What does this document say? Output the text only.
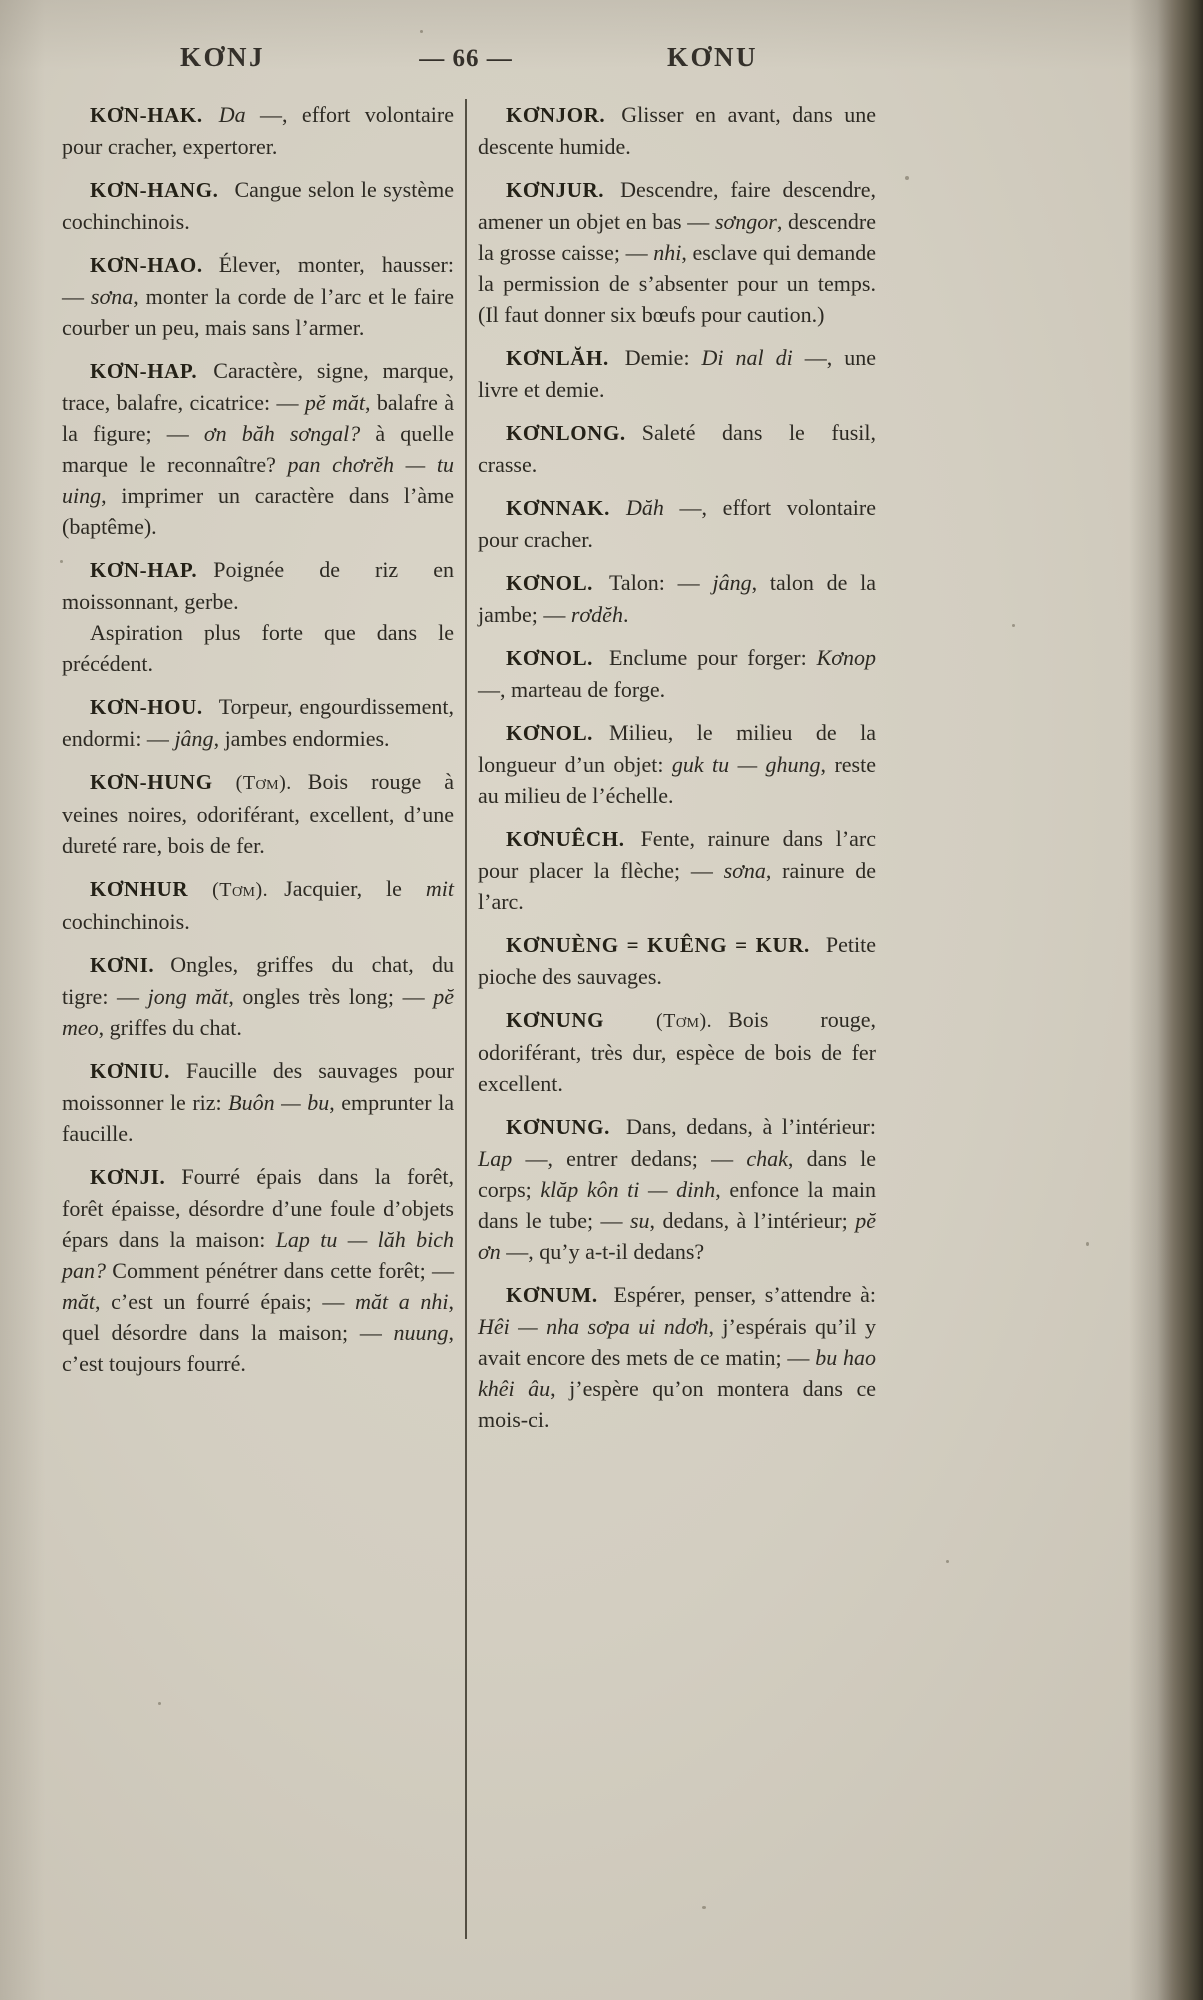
KƠNJ	— 66 —	KƠNU

KƠN-HAK. Da —, effort volontaire pour cracher, expertorer.

KƠN-HANG. Cangue selon le système cochinchinois.

KƠN-HAO. Élever, monter, hausser: — sơna, monter la corde de l’arc et le faire courber un peu, mais sans l’armer.

KƠN-HAP. Caractère, signe, marque, trace, balafre, cicatrice: — pĕ măt, balafre à la figure; — ơn băh sơngal? à quelle marque le reconnaître? pan chơrĕh — tu uing, imprimer un caractère dans l’àme (baptême).

KƠN-HAP. Poignée de riz en moissonnant, gerbe.

Aspiration plus forte que dans le précédent.

KƠN-HOU. Torpeur, engourdissement, endormi: — jâng, jambes endormies.

KƠN-HUNG (Tơm). Bois rouge à veines noires, odoriférant, excellent, d’une dureté rare, bois de fer.

KƠNHUR (Tơm). Jacquier, le mit cochinchinois.

KƠNI. Ongles, griffes du chat, du tigre: — jong măt, ongles très long; — pĕ meo, griffes du chat.

KƠNIU. Faucille des sauvages pour moissonner le riz: Buôn — bu, emprunter la faucille.

KƠNJI. Fourré épais dans la forêt, forêt épaisse, désordre d’une foule d’objets épars dans la maison: Lap tu — lăh bich pan? Comment pénétrer dans cette forêt; — măt, c’est un fourré épais; — măt a nhi, quel désordre dans la maison; — nuung, c’est toujours fourré.

KƠNJOR. Glisser en avant, dans une descente humide.

KƠNJUR. Descendre, faire descendre, amener un objet en bas — sơngor, descendre la grosse caisse; — nhi, esclave qui demande la permission de s’absenter pour un temps. (Il faut donner six bœufs pour caution.)

KƠNLĂH. Demie: Di nal di —, une livre et demie.

KƠNLONG. Saleté dans le fusil, crasse.

KƠNNAK. Dăh —, effort volontaire pour cracher.

KƠNOL. Talon: — jâng, talon de la jambe; — rơdĕh.

KƠNOL. Enclume pour forger: Kơnop —, marteau de forge.

KƠNOL. Milieu, le milieu de la longueur d’un objet: guk tu — ghung, reste au milieu de l’échelle.

KƠNUÊCH. Fente, rainure dans l’arc pour placer la flèche; — sơna, rainure de l’arc.

KƠNUÈNG = KUÊNG = KUR. Petite pioche des sauvages.

KƠNUNG (Tơm). Bois rouge, odoriférant, très dur, espèce de bois de fer excellent.

KƠNUNG. Dans, dedans, à l’intérieur: Lap —, entrer dedans; — chak, dans le corps; klăp kôn ti — dinh, enfonce la main dans le tube; — su, dedans, à l’intérieur; pĕ ơn —, qu’y a-t-il dedans?

KƠNUM. Espérer, penser, s’attendre à: Hêi — nha sơpa ui ndơh, j’espérais qu’il y avait encore des mets de ce matin; — bu hao khêi âu, j’espère qu’on montera dans ce mois-ci.
